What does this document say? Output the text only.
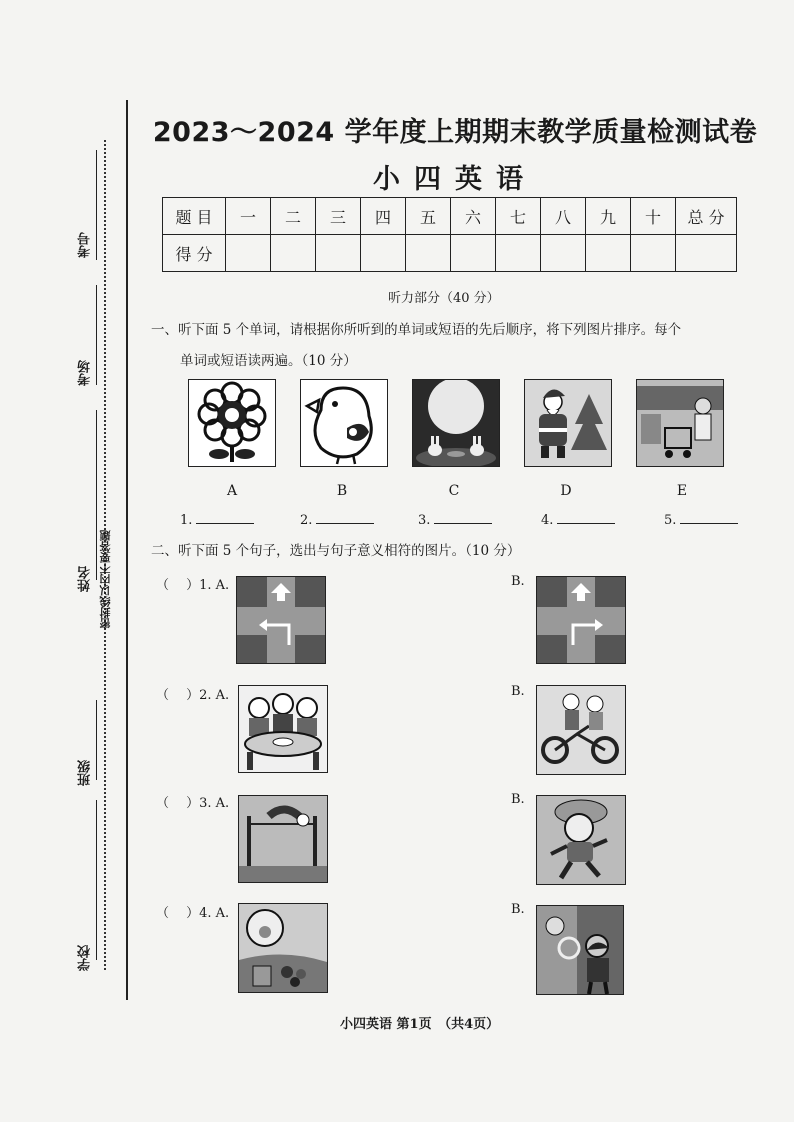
考号
考场
姓名
班级
学校
密封线以内不要答题
2023～2024 学年度上期期末教学质量检测试卷
小四英语
题 目	一	二	三	四	五	六	七	八	九	十	总 分
得 分											
听力部分（40 分）
一、听下面 5 个单词，请根据你所听到的单词或短语的先后顺序，将下列图片排序。每个
单词或短语读两遍。（10 分）
A	B	C	D	E
1.	2.	3.	4.	5.
二、听下面 5 个句子，选出与句子意义相符的图片。（10 分）
（　 ）1. A.	B.
（　 ）2. A.	B.
（　 ）3. A.	B.
（　 ）4. A.	B.
小四英语 第1页　（共4页）
